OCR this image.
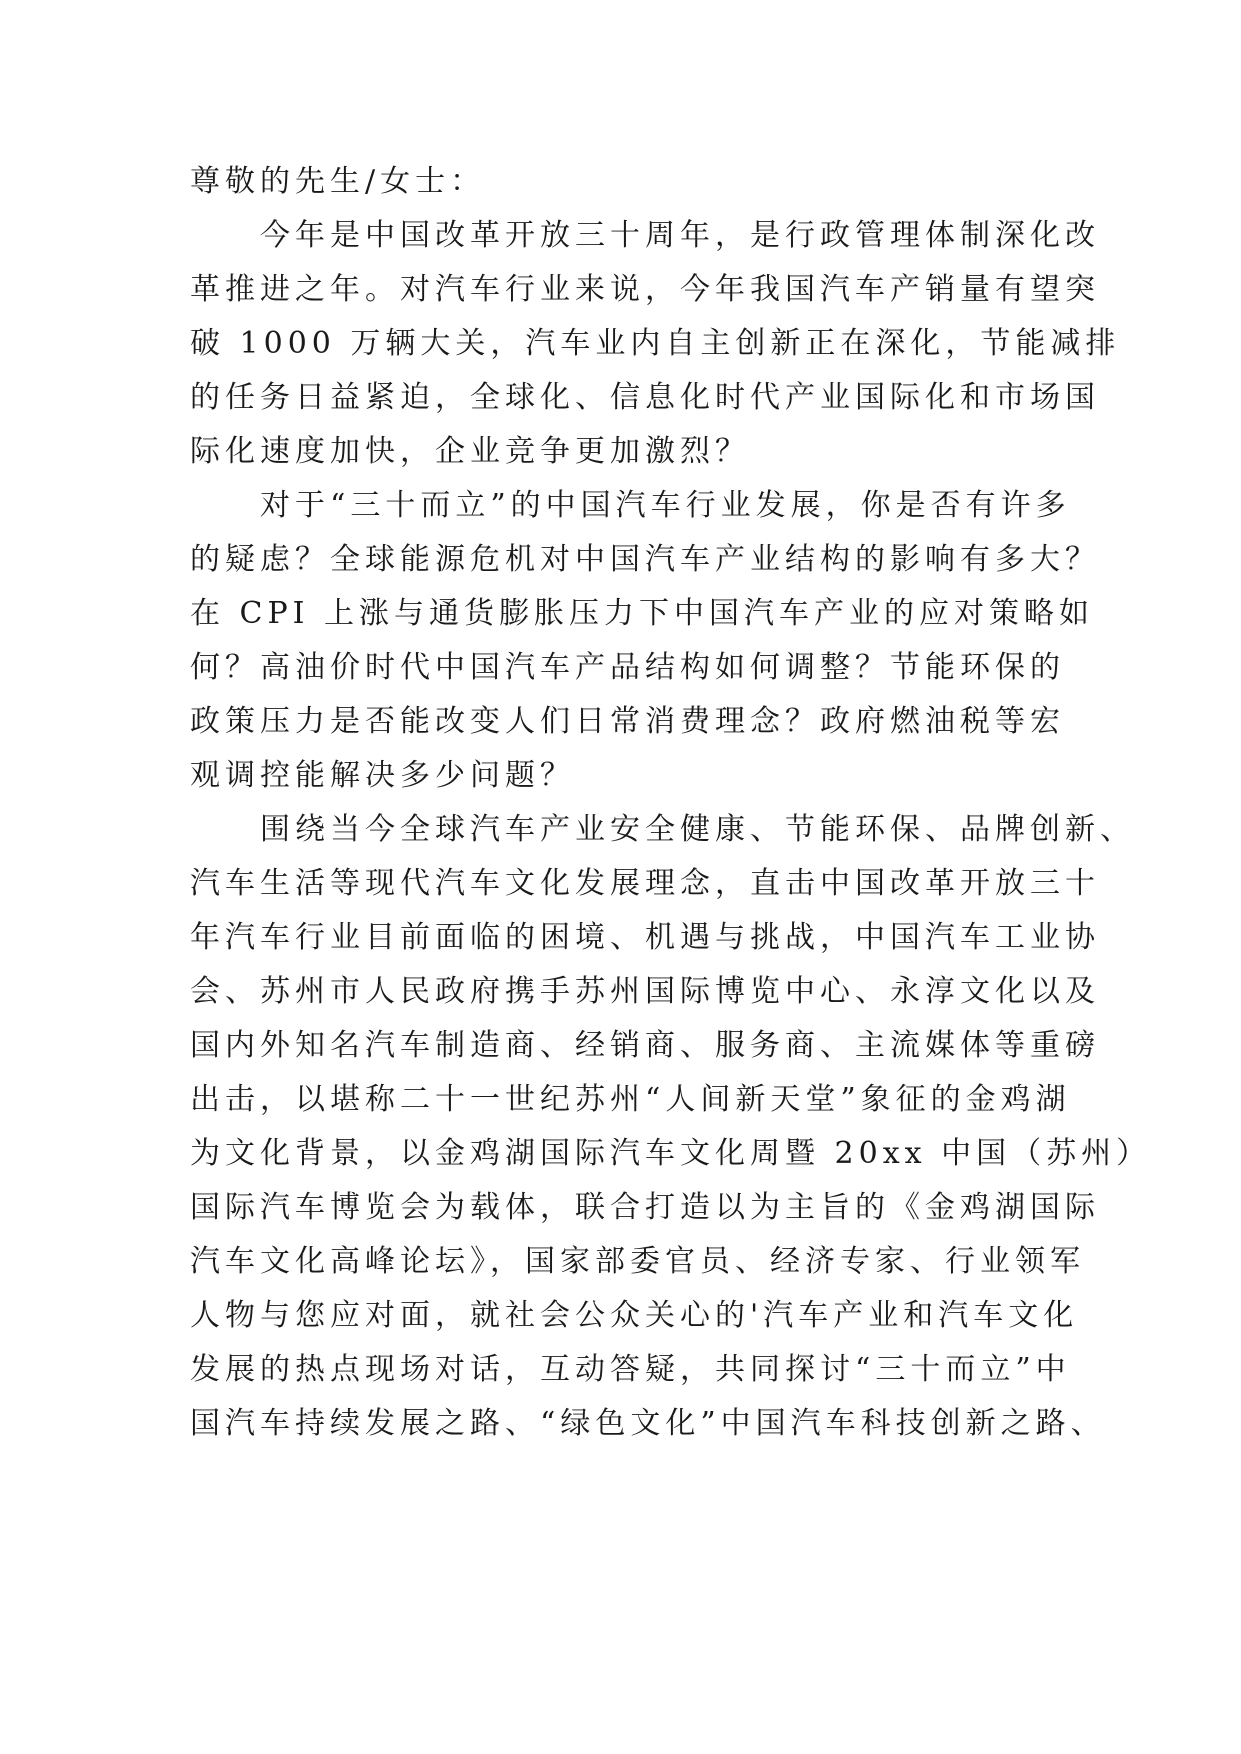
尊敬的先生/女士：
今年是中国改革开放三十周年，是行政管理体制深化改
革推进之年。对汽车行业来说，今年我国汽车产销量有望突
破 1000 万辆大关，汽车业内自主创新正在深化，节能减排
的任务日益紧迫，全球化、信息化时代产业国际化和市场国
际化速度加快，企业竞争更加激烈？
对于“三十而立”的中国汽车行业发展，你是否有许多
的疑虑？全球能源危机对中国汽车产业结构的影响有多大？
在 CPI 上涨与通货膨胀压力下中国汽车产业的应对策略如
何？高油价时代中国汽车产品结构如何调整？节能环保的
政策压力是否能改变人们日常消费理念？政府燃油税等宏
观调控能解决多少问题？
围绕当今全球汽车产业安全健康、节能环保、品牌创新、
汽车生活等现代汽车文化发展理念，直击中国改革开放三十
年汽车行业目前面临的困境、机遇与挑战，中国汽车工业协
会、苏州市人民政府携手苏州国际博览中心、永淳文化以及
国内外知名汽车制造商、经销商、服务商、主流媒体等重磅
出击，以堪称二十一世纪苏州“人间新天堂”象征的金鸡湖
为文化背景，以金鸡湖国际汽车文化周暨 20xx 中国（苏州）
国际汽车博览会为载体，联合打造以为主旨的《金鸡湖国际
汽车文化高峰论坛》，国家部委官员、经济专家、行业领军
人物与您应对面，就社会公众关心的'汽车产业和汽车文化
发展的热点现场对话，互动答疑，共同探讨“三十而立”中
国汽车持续发展之路、“绿色文化”中国汽车科技创新之路、
